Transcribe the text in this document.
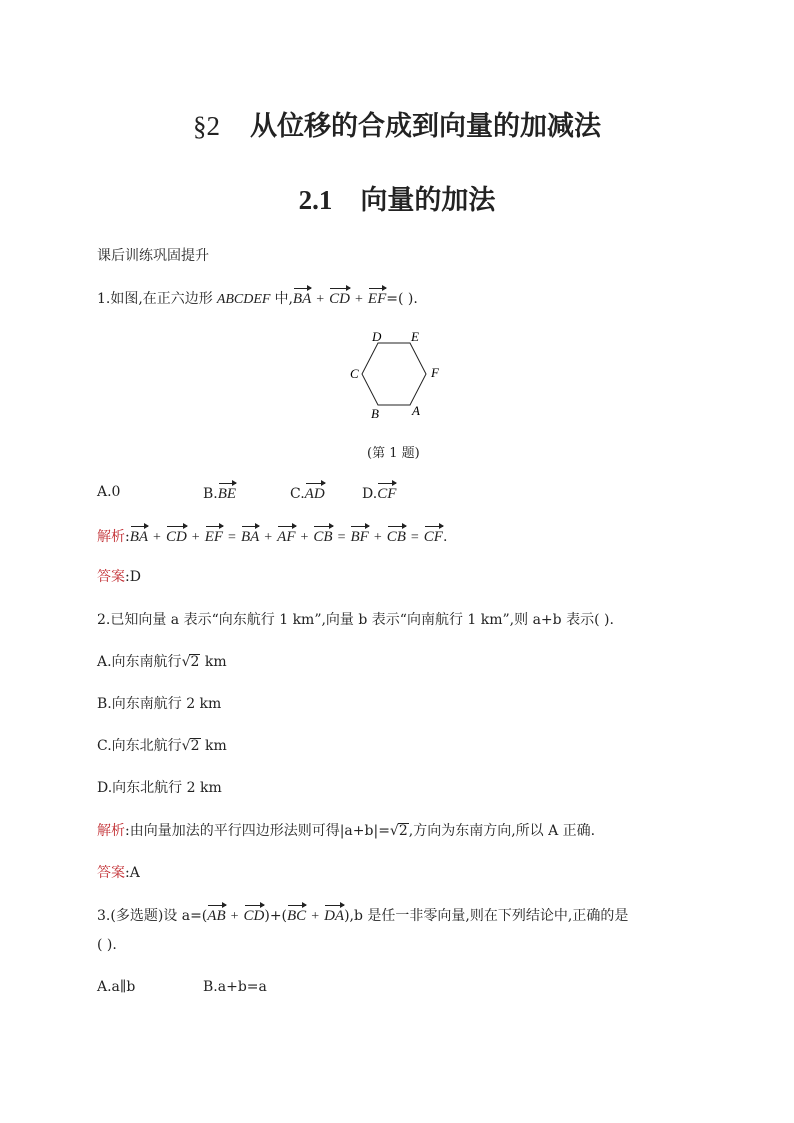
§2 从位移的合成到向量的加减法
2.1 向量的加法
课后训练巩固提升
1.如图,在正六边形 ABCDEF 中,BA + CD + EF=( ).
D E
C	F
B	A
(第 1 题)
A.0	B.BE	C.AD	D.CF
解析:BA + CD + EF = BA + AF + CB = BF + CB = CF.
答案:D
2.已知向量 a 表示“向东航行 1 km”,向量 b 表示“向南航行 1 km”,则 a+b 表示( ).
A.向东南航行√2 km
B.向东南航行 2 km
C.向东北航行√2 km
D.向东北航行 2 km
解析:由向量加法的平行四边形法则可得|a+b|=√2,方向为东南方向,所以 A 正确.
答案:A
3.(多选题)设 a=(AB + CD)+(BC + DA),b 是任一非零向量,则在下列结论中,正确的是
( ).
A.a∥b	B.a+b=a
